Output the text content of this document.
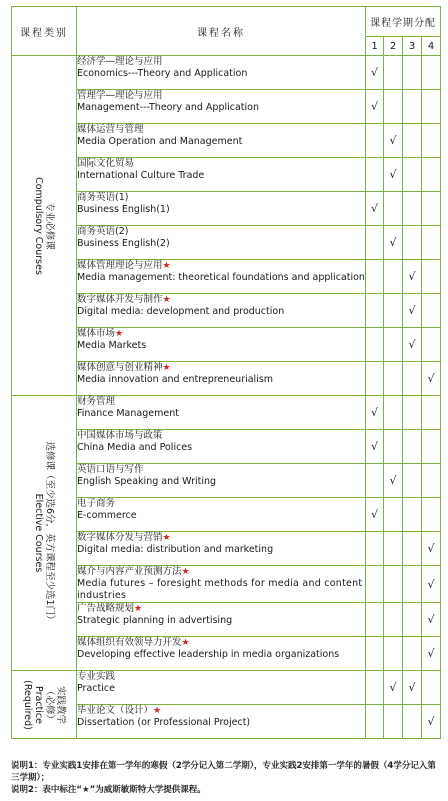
课程类别	课程名称	课程学期分配			
		1	2	3	4

专业必修课
Compulsory Courses	经济学—理论与应用
Economics---Theory and Application	√			

	管理学—理论与应用
Management---Theory and Application	√			

	媒体运营与管理
Media Operation and Management		√		

	国际文化贸易
International Culture Trade		√		

	商务英语(1)
Business English(1)	√			

	商务英语(2)
Business English(2)		√		

	媒体管理理论与应用★
Media management: theoretical foundations and application			√	

	数字媒体开发与制作★
Digital media: development and production			√	

	媒体市场★
Media Markets			√	

	媒体创意与创业精神★
Media innovation and entrepreneurialism				√

选修课（至少选6分，英方课程至少选1门）
Elective Courses	财务管理
Finance Management	√			

	中国媒体市场与政策
China Media and Polices	√			

	英语口语与写作
English Speaking and Writing		√		

	电子商务
E-commerce	√			

	数字媒体分发与营销★
Digital media: distribution and marketing				√

	媒介与内容产业预测方法★
Media futures – foresight methods for media and content industries				√

	广告战略规划★
Strategic planning in advertising				√

	媒体组织有效领导力开发★
Developing effective leadership in media organizations				√

实践教学
（必修）
Practice
(Required)	专业实践
Practice		√	√	

	毕业论文（设计）★
Dissertation (or Professional Project)				√
说明1：专业实践1安排在第一学年的寒假（2学分记入第二学期），专业实践2安排第一学年的暑假（4学分记入第三学期）；
说明2：表中标注“★”为威斯敏斯特大学提供课程。
